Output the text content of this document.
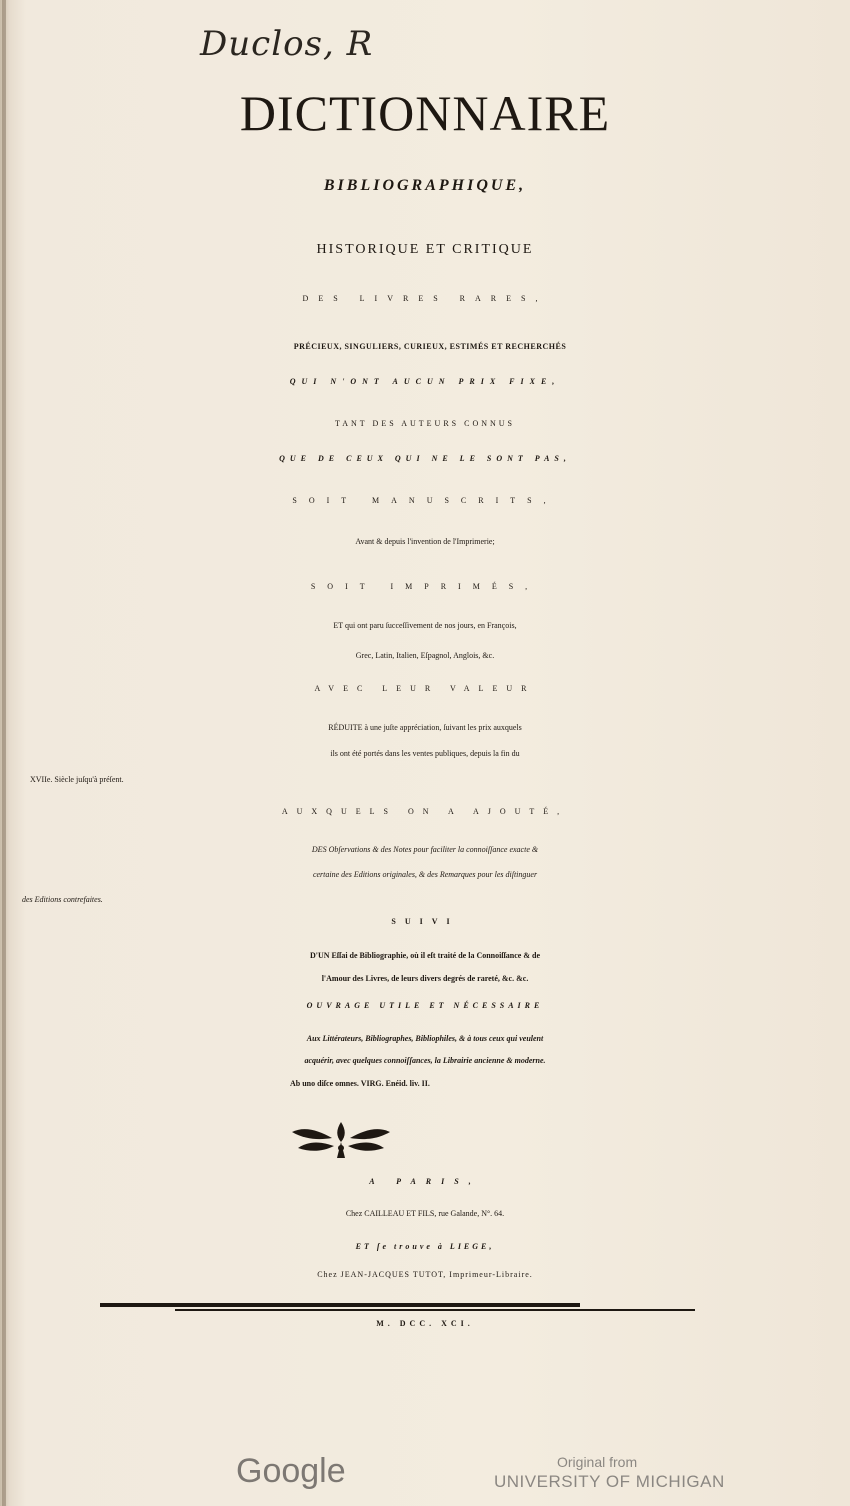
Duclos, R
DICTIONNAIRE
BIBLIOGRAPHIQUE,
HISTORIQUE ET CRITIQUE
DES LIVRES RARES,
PRÉCIEUX, SINGULIERS, CURIEUX, ESTIMÉS ET RECHERCHÉS
QUI N'ONT AUCUN PRIX FIXE,
TANT DES AUTEURS CONNUS
QUE DE CEUX QUI NE LE SONT PAS,
SOIT MANUSCRITS,
Avant & depuis l'invention de l'Imprimerie;
SOIT IMPRIMÉS,
ET qui ont paru ſucceſſivement de nos jours, en François,
Grec, Latin, Italien, Eſpagnol, Anglois, &c.
AVEC LEUR VALEUR
RÉDUITE à une juſte appréciation, ſuivant les prix auxquels
ils ont été portés dans les ventes publiques, depuis la fin du
XVIIe. Siècle juſqu'à préſent.
AUXQUELS ON A AJOUTÉ,
DES Obſervations & des Notes pour faciliter la connoiſſance exacte &
certaine des Editions originales, & des Remarques pour les diſtinguer
des Editions contrefaites.
SUIVI
D'UN Eſſai de Bibliographie, où il eſt traité de la Connoiſſance & de
l'Amour des Livres, de leurs divers degrés de rareté, &c. &c.
OUVRAGE UTILE ET NÉCESSAIRE
Aux Littérateurs, Bibliographes, Bibliophiles, & à tous ceux qui veulent
acquérir, avec quelques connoiſſances, la Librairie ancienne & moderne.
Ab uno diſce omnes. VIRG. Enéid. liv. II.
A PARIS,
Chez CAILLEAU ET FILS, rue Galande, N°. 64.
ET ſe trouve à LIEGE,
Chez JEAN-JACQUES TUTOT, Imprimeur-Libraire.
M. DCC. XCI.
Google	Original from
UNIVERSITY OF MICHIGAN
